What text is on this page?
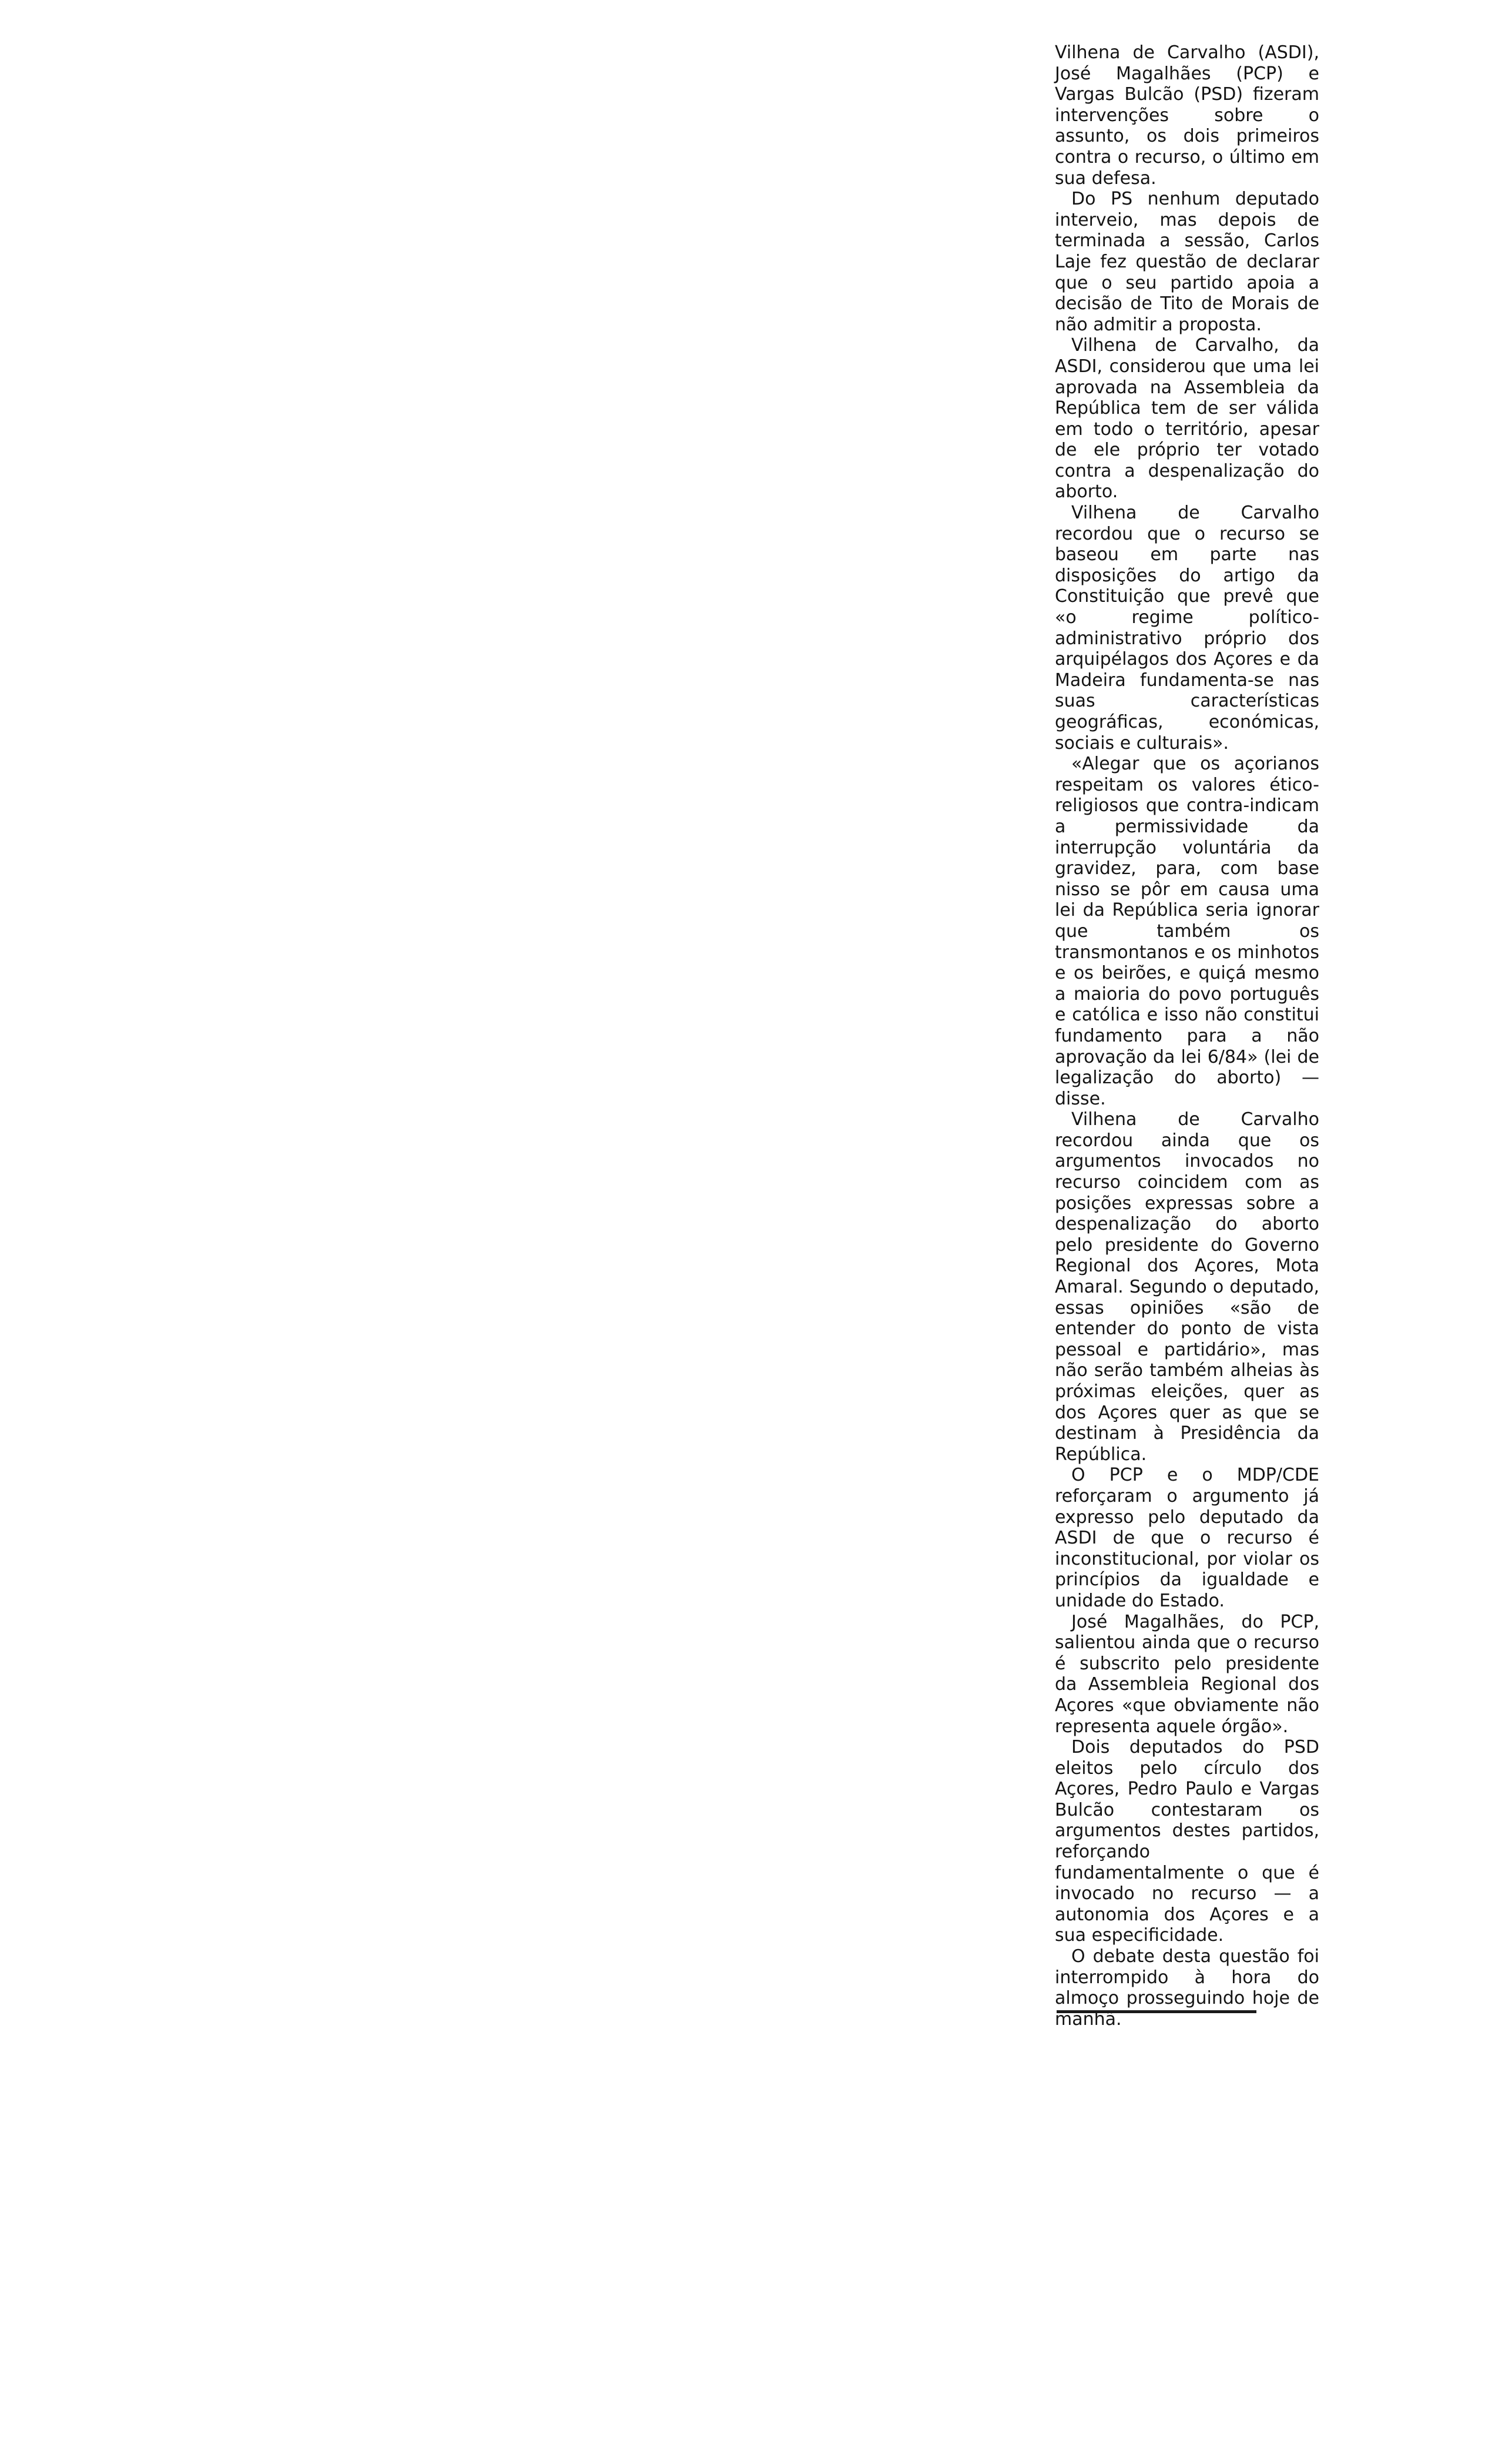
Vilhena de Carvalho (ASDI), José Magalhães (PCP) e Vargas Bulcão (PSD) fizeram intervenções sobre o assunto, os dois primeiros contra o recurso, o último em sua defesa.

Do PS nenhum deputado interveio, mas depois de terminada a sessão, Carlos Laje fez questão de declarar que o seu partido apoia a decisão de Tito de Morais de não admitir a proposta.

Vilhena de Carvalho, da ASDI, considerou que uma lei aprovada na Assembleia da República tem de ser válida em todo o território, apesar de ele próprio ter votado contra a despenalização do aborto.

Vilhena de Carvalho recordou que o recurso se baseou em parte nas disposições do artigo da Constituição que prevê que «o regime político-administrativo próprio dos arquipélagos dos Açores e da Madeira fundamenta-se nas suas características geográficas, económicas, sociais e culturais».

«Alegar que os açorianos respeitam os valores ético-religiosos que contra-indicam a permissividade da interrupção voluntária da gravidez, para, com base nisso se pôr em causa uma lei da República seria ignorar que também os transmontanos e os minhotos e os beirões, e quiçá mesmo a maioria do povo português e católica e isso não constitui fundamento para a não aprovação da lei 6/84» (lei de legalização do aborto) — disse.

Vilhena de Carvalho recordou ainda que os argumentos invocados no recurso coincidem com as posições expressas sobre a despenalização do aborto pelo presidente do Governo Regional dos Açores, Mota Amaral. Segundo o deputado, essas opiniões «são de entender do ponto de vista pessoal e partidário», mas não serão também alheias às próximas eleições, quer as dos Açores quer as que se destinam à Presidência da República.

O PCP e o MDP/CDE reforçaram o argumento já expresso pelo deputado da ASDI de que o recurso é inconstitucional, por violar os princípios da igualdade e unidade do Estado.

José Magalhães, do PCP, salientou ainda que o recurso é subscrito pelo presidente da Assembleia Regional dos Açores «que obviamente não representa aquele órgão».

Dois deputados do PSD eleitos pelo círculo dos Açores, Pedro Paulo e Vargas Bulcão contestaram os argumentos destes partidos, reforçando fundamentalmente o que é invocado no recurso — a autonomia dos Açores e a sua especificidade.

O debate desta questão foi interrompido à hora do almoço prosseguindo hoje de manhã.
